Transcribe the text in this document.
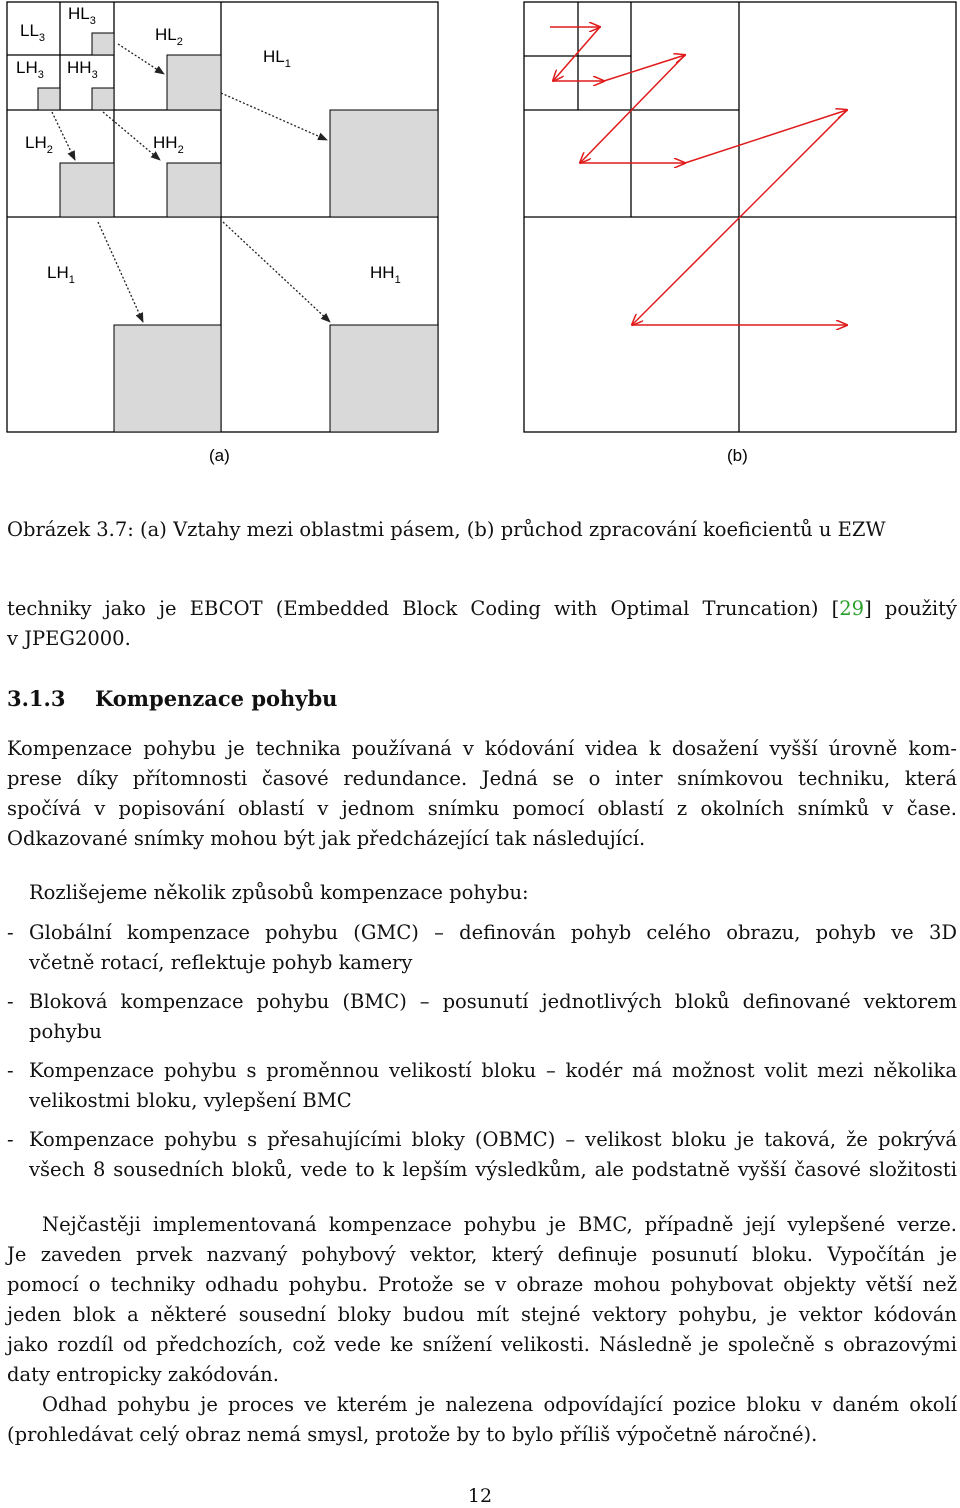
$LL_3$
$HL_3$
$LH_3$ $HH_3$
$HL_2$
$HL_1$
$LH_2$	$HH_2$
$LH_1$	$HH_1$
(a)	(b)
Obrázek 3.7: (a) Vztahy mezi oblastmi pásem, (b) průchod zpracování koeficientů u EZW

techniky jako je EBCOT (Embedded Block Coding with Optimal Truncation) [29] použitý

v JPEG2000.

3.1.3 Kompenzace pohybu

Kompenzace pohybu je technika používaná v kódování videa k dosažení vyšší úrovně kom-

prese díky přítomnosti časové redundance. Jedná se o inter snímkovou techniku, která

spočívá v popisování oblastí v jednom snímku pomocí oblastí z okolních snímků v čase.

Odkazované snímky mohou být jak předcházející tak následující.

Rozlišejeme několik způsobů kompenzace pohybu:
- Globální kompenzace pohybu (GMC) – definován pohyb celého obrazu, pohyb ve 3D

včetně rotací, reflektuje pohyb kamery

- Bloková kompenzace pohybu (BMC) – posunutí jednotlivých bloků definované vektorem

pohybu

- Kompenzace pohybu s proměnnou velikostí bloku – kodér má možnost volit mezi několika

velikostmi bloku, vylepšení BMC

- Kompenzace pohybu s přesahujícími bloky (OBMC) – velikost bloku je taková, že pokrývá

všech 8 sousedních bloků, vede to k lepším výsledkům, ale podstatně vyšší časové složitosti

Nejčastěji implementovaná kompenzace pohybu je BMC, případně její vylepšené verze.

Je zaveden prvek nazvaný pohybový vektor, který definuje posunutí bloku. Vypočítán je

pomocí o techniky odhadu pohybu. Protože se v obraze mohou pohybovat objekty větší než

jeden blok a některé sousední bloky budou mít stejné vektory pohybu, je vektor kódován

jako rozdíl od předchozích, což vede ke snížení velikosti. Následně je společně s obrazovými

daty entropicky zakódován.

Odhad pohybu je proces ve kterém je nalezena odpovídající pozice bloku v daném okolí

(prohledávat celý obraz nemá smysl, protože by to bylo příliš výpočetně náročné).

12
